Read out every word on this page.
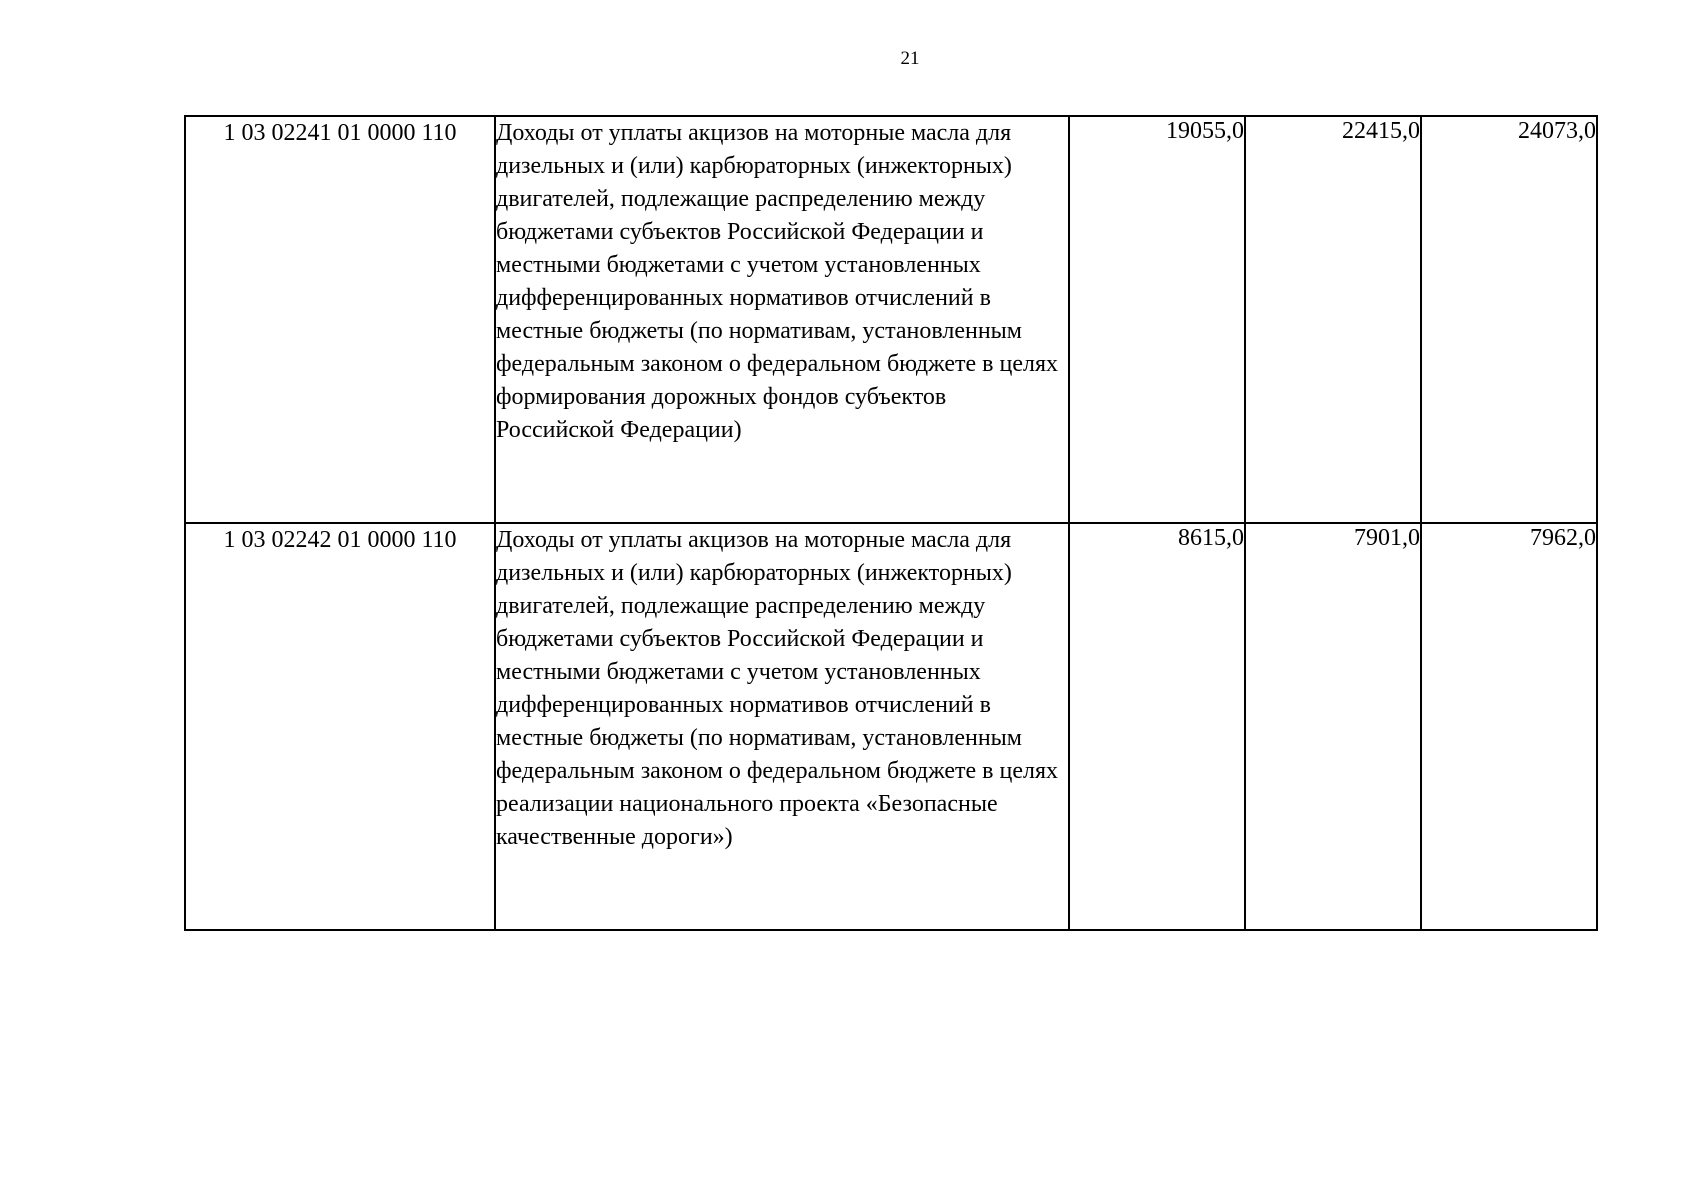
21
1 03 02241 01 0000 110	Доходы от уплаты акцизов на моторные масла для дизельных и (или) карбюраторных (инжекторных) двигателей, подлежащие распределению между бюджетами субъектов Российской Федерации и местными бюджетами с учетом установленных дифференцированных нормативов отчислений в местные бюджеты (по нормативам, установленным федеральным законом о федеральном бюджете в целях формирования дорожных фондов субъектов Российской Федерации)	19055,0	22415,0	24073,0

1 03 02242 01 0000 110	Доходы от уплаты акцизов на моторные масла для дизельных и (или) карбюраторных (инжекторных) двигателей, подлежащие распределению между бюджетами субъектов Российской Федерации и местными бюджетами с учетом установленных дифференцированных нормативов отчислений в местные бюджеты (по нормативам, установленным федеральным законом о федеральном бюджете в целях реализации национального проекта «Безопасные качественные дороги»)	8615,0	7901,0	7962,0
